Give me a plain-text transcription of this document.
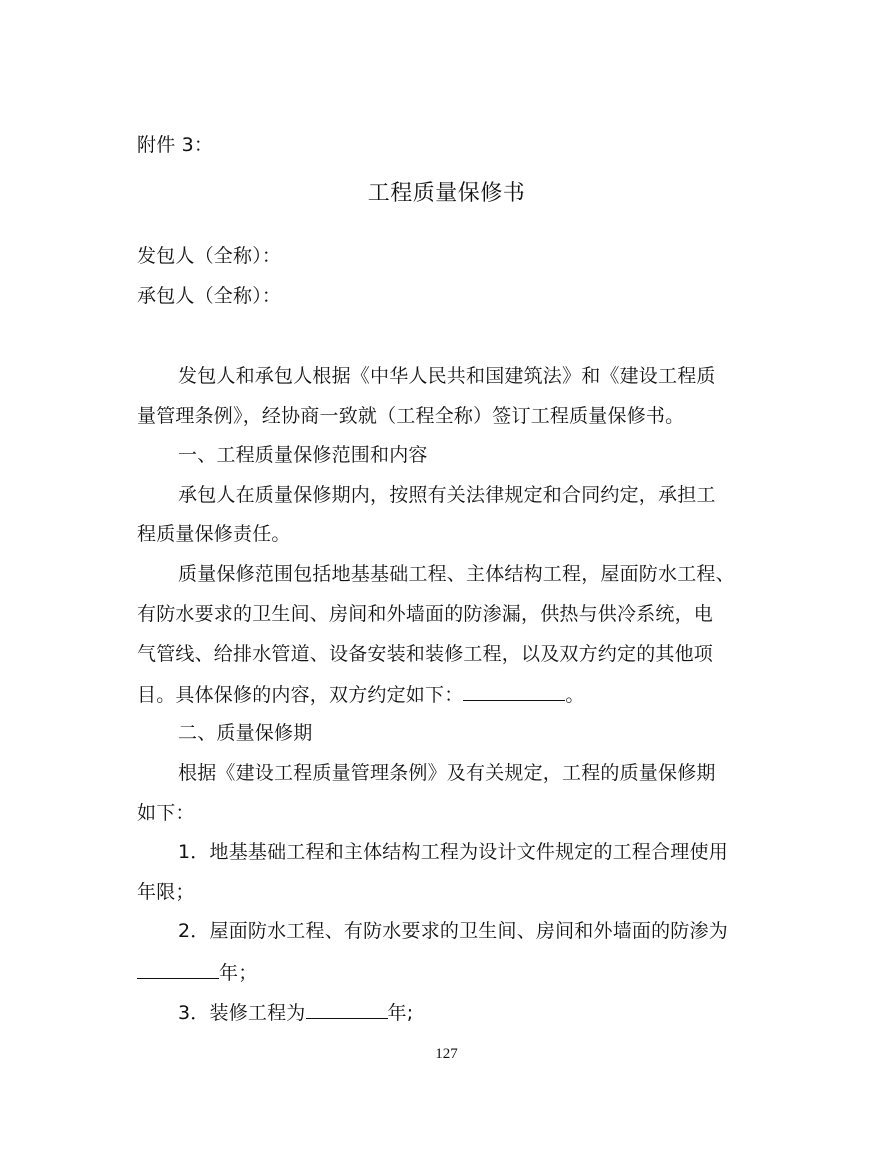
附件 3：
工程质量保修书
发包人（全称）：
承包人（全称）：
发包人和承包人根据《中华人民共和国建筑法》和《建设工程质
量管理条例》，经协商一致就（工程全称）签订工程质量保修书。
一、工程质量保修范围和内容
承包人在质量保修期内，按照有关法律规定和合同约定，承担工
程质量保修责任。
质量保修范围包括地基基础工程、主体结构工程，屋面防水工程、
有防水要求的卫生间、房间和外墙面的防渗漏，供热与供冷系统，电
气管线、给排水管道、设备安装和装修工程，以及双方约定的其他项
目。具体保修的内容，双方约定如下：	。
二、质量保修期
根据《建设工程质量管理条例》及有关规定，工程的质量保修期
如下：
1．地基基础工程和主体结构工程为设计文件规定的工程合理使用
年限；
2．屋面防水工程、有防水要求的卫生间、房间和外墙面的防渗为
年；
3．装修工程为	年;
127
